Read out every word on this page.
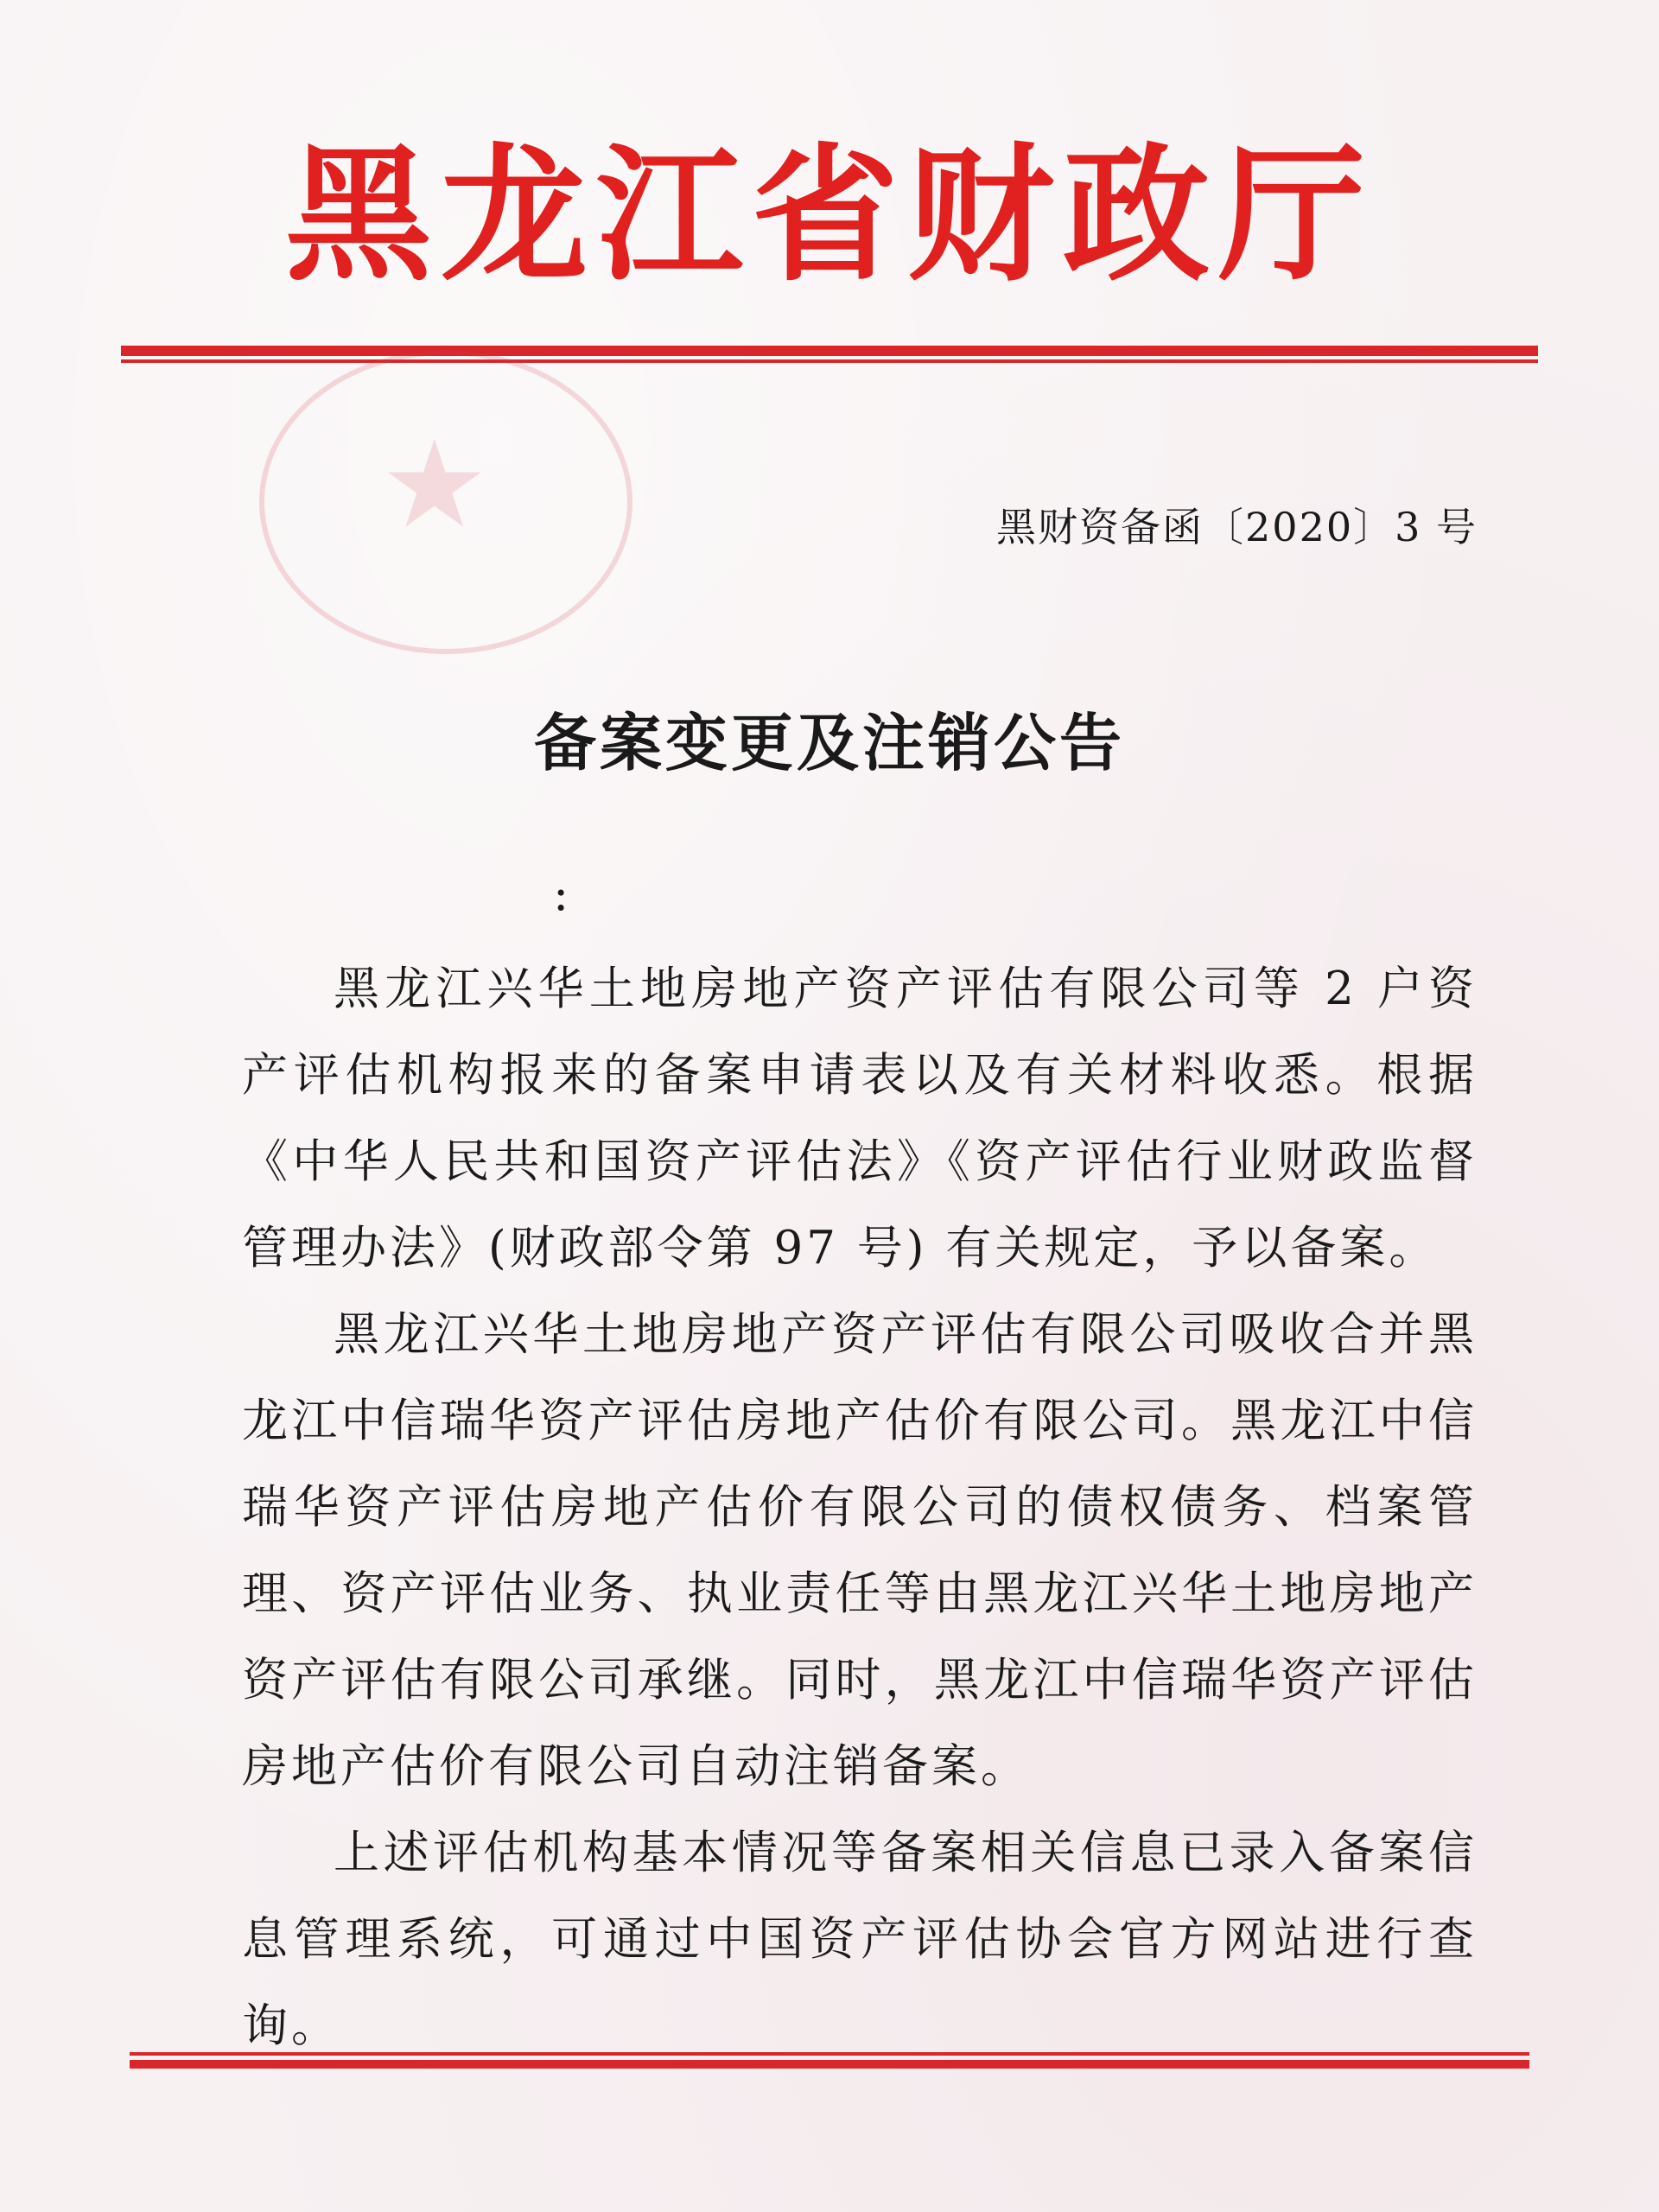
黑龙江省财政厅
★	黑财资备函〔2020〕3 号
备案变更及注销公告
:

黑龙江兴华土地房地产资产评估有限公司等 2 户资产评估机构报来的备案申请表以及有关材料收悉。根据《中华人民共和国资产评估法》《资产评估行业财政监督管理办法》(财政部令第 97 号) 有关规定，予以备案。

黑龙江兴华土地房地产资产评估有限公司吸收合并黑龙江中信瑞华资产评估房地产估价有限公司。黑龙江中信瑞华资产评估房地产估价有限公司的债权债务、档案管理、资产评估业务、执业责任等由黑龙江兴华土地房地产资产评估有限公司承继。同时，黑龙江中信瑞华资产评估房地产估价有限公司自动注销备案。

上述评估机构基本情况等备案相关信息已录入备案信息管理系统，可通过中国资产评估协会官方网站进行查询。
